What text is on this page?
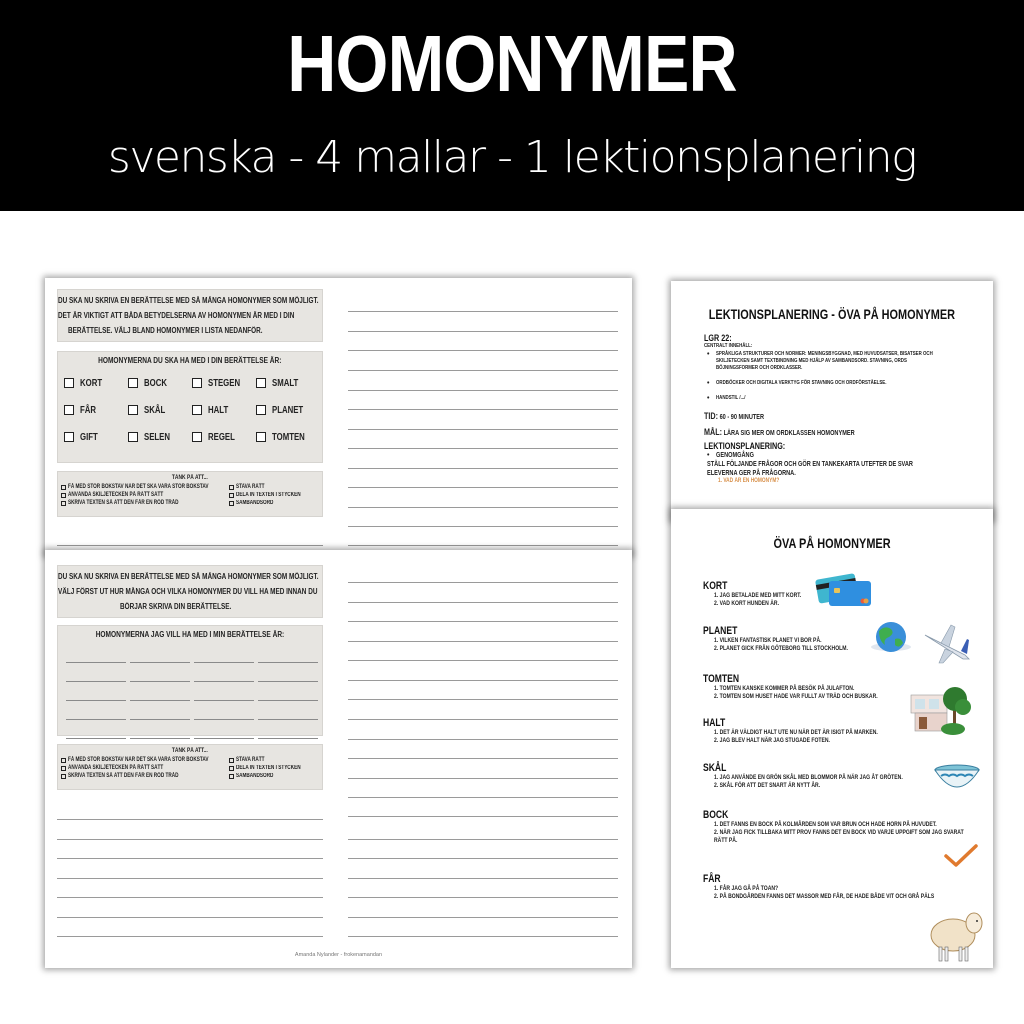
HOMONYMER
svenska - 4 mallar - 1 lektionsplanering
DU SKA NU SKRIVA EN BERÄTTELSE MED SÅ MÅNGA HOMONYMER SOM MÖJLIGT.
DET ÄR VIKTIGT ATT BÅDA BETYDELSERNA AV HOMONYMEN ÄR MED I DIN
BERÄTTELSE. VÄLJ BLAND HOMONYMER I LISTA NEDANFÖR.
HOMONYMERNA DU SKA HA MED I DIN BERÄTTELSE ÄR:
KORT	BOCK	STEGEN	SMALT
FÅR	SKÅL	HALT	PLANET
GIFT	SELEN	REGEL	TOMTEN
TÄNK PÅ ATT...
FÅ MED STOR BOKSTAV NÄR DET SKA VARA STOR BOKSTAV
ANVÄNDA SKILJETECKEN PÅ RÄTT SÄTT
SKRIVA TEXTEN SÅ ATT DEN FÅR EN RÖD TRÅD
STAVA RÄTT
DELA IN TEXTEN I STYCKEN
SAMBANDSORD
DU SKA NU SKRIVA EN BERÄTTELSE MED SÅ MÅNGA HOMONYMER SOM MÖJLIGT.
VÄLJ FÖRST UT HUR MÅNGA OCH VILKA HOMONYMER DU VILL HA MED INNAN DU
BÖRJAR SKRIVA DIN BERÄTTELSE.
HOMONYMERNA JAG VILL HA MED I MIN BERÄTTELSE ÄR:
TÄNK PÅ ATT...
FÅ MED STOR BOKSTAV NÄR DET SKA VARA STOR BOKSTAV
ANVÄNDA SKILJETECKEN PÅ RÄTT SÄTT
SKRIVA TEXTEN SÅ ATT DEN FÅR EN RÖD TRÅD
STAVA RÄTT
DELA IN TEXTEN I STYCKEN
SAMBANDSORD
Amanda Nylander - frokenamandan
LEKTIONSPLANERING - ÖVA PÅ HOMONYMER
LGR 22:
CENTRALT INNEHÅLL:
• SPRÅKLIGA STRUKTURER OCH NORMER: MENINGSBYGGNAD, MED HUVUDSATSER, BISATSER OCH
SKILJETECKEN SAMT TEXTBINDNING MED HJÄLP AV SAMBANDSORD. STAVNING, ORDS
BÖJNINGSFORMER OCH ORDKLASSER.
• ORDBÖCKER OCH DIGITALA VERKTYG FÖR STAVNING OCH ORDFÖRSTÅELSE.
• HANDSTIL /.../
TID: 60 - 90 MINUTER
MÅL: LÄRA SIG MER OM ORDKLASSEN HOMONYMER
LEKTIONSPLANERING:
• GENOMGÅNG
STÄLL FÖLJANDE FRÅGOR OCH GÖR EN TANKEKARTA UTEFTER DE SVAR
ELEVERNA GER PÅ FRÅGORNA.
1. VAD ÄR EN HOMONYM?
ÖVA PÅ HOMONYMER
KORT
1. JAG BETALADE MED MITT KORT.
2. VAD KORT HUNDEN ÄR.
PLANET
1. VILKEN FANTASTISK PLANET VI BOR PÅ.
2. PLANET GICK FRÅN GÖTEBORG TILL STOCKHOLM.
TOMTEN
1. TOMTEN KANSKE KOMMER PÅ BESÖK PÅ JULAFTON.
2. TOMTEN SOM HUSET HADE VAR FULLT AV TRÄD OCH BUSKAR.
HALT
1. DET ÄR VÄLDIGT HALT UTE NU NÄR DET ÄR ISIGT PÅ MARKEN.
2. JAG BLEV HALT NÄR JAG STUGADE FOTEN.
SKÅL
1. JAG ANVÄNDE EN GRÖN SKÅL MED BLOMMOR PÅ NÄR JAG ÅT GRÖTEN.
2. SKÅL FÖR ATT DET SNART ÄR NYTT ÅR.
BOCK
1. DET FANNS EN BOCK PÅ KOLMÅRDEN SOM VAR BRUN OCH HADE HORN PÅ HUVUDET.
2. NÄR JAG FICK TILLBAKA MITT PROV FANNS DET EN BOCK VID VARJE UPPGIFT SOM JAG SVARAT RÄTT PÅ.
FÅR
1. FÅR JAG GÅ PÅ TOAN?
2. PÅ BONDGÅRDEN FANNS DET MASSOR MED FÅR, DE HADE BÅDE VIT OCH GRÅ PÄLS
